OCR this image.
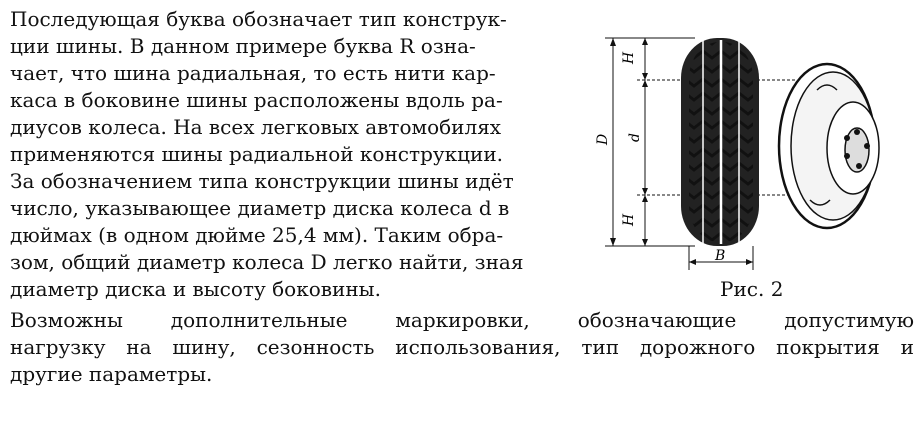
Последующая буква обозначает тип конструк-
ции шины. В данном примере буква R озна-
чает, что шина радиальная, то есть нити кар-
каса в боковине шины расположены вдоль ра-
диусов колеса. На всех легковых автомобилях
применяются шины радиальной конструкции.
За обозначением типа конструкции шины идёт
число, указывающее диаметр диска колеса d в
дюймах (в одном дюйме 25,4 мм). Таким обра-
зом, общий диаметр колеса D легко найти, зная
диаметр диска и высоту боковины.
Возможны дополнительные маркировки, обозначающие допустимую
нагрузку на шину, сезонность использования, тип дорожного покрытия и
другие параметры.
H
D d
H
B
Рис. 2
